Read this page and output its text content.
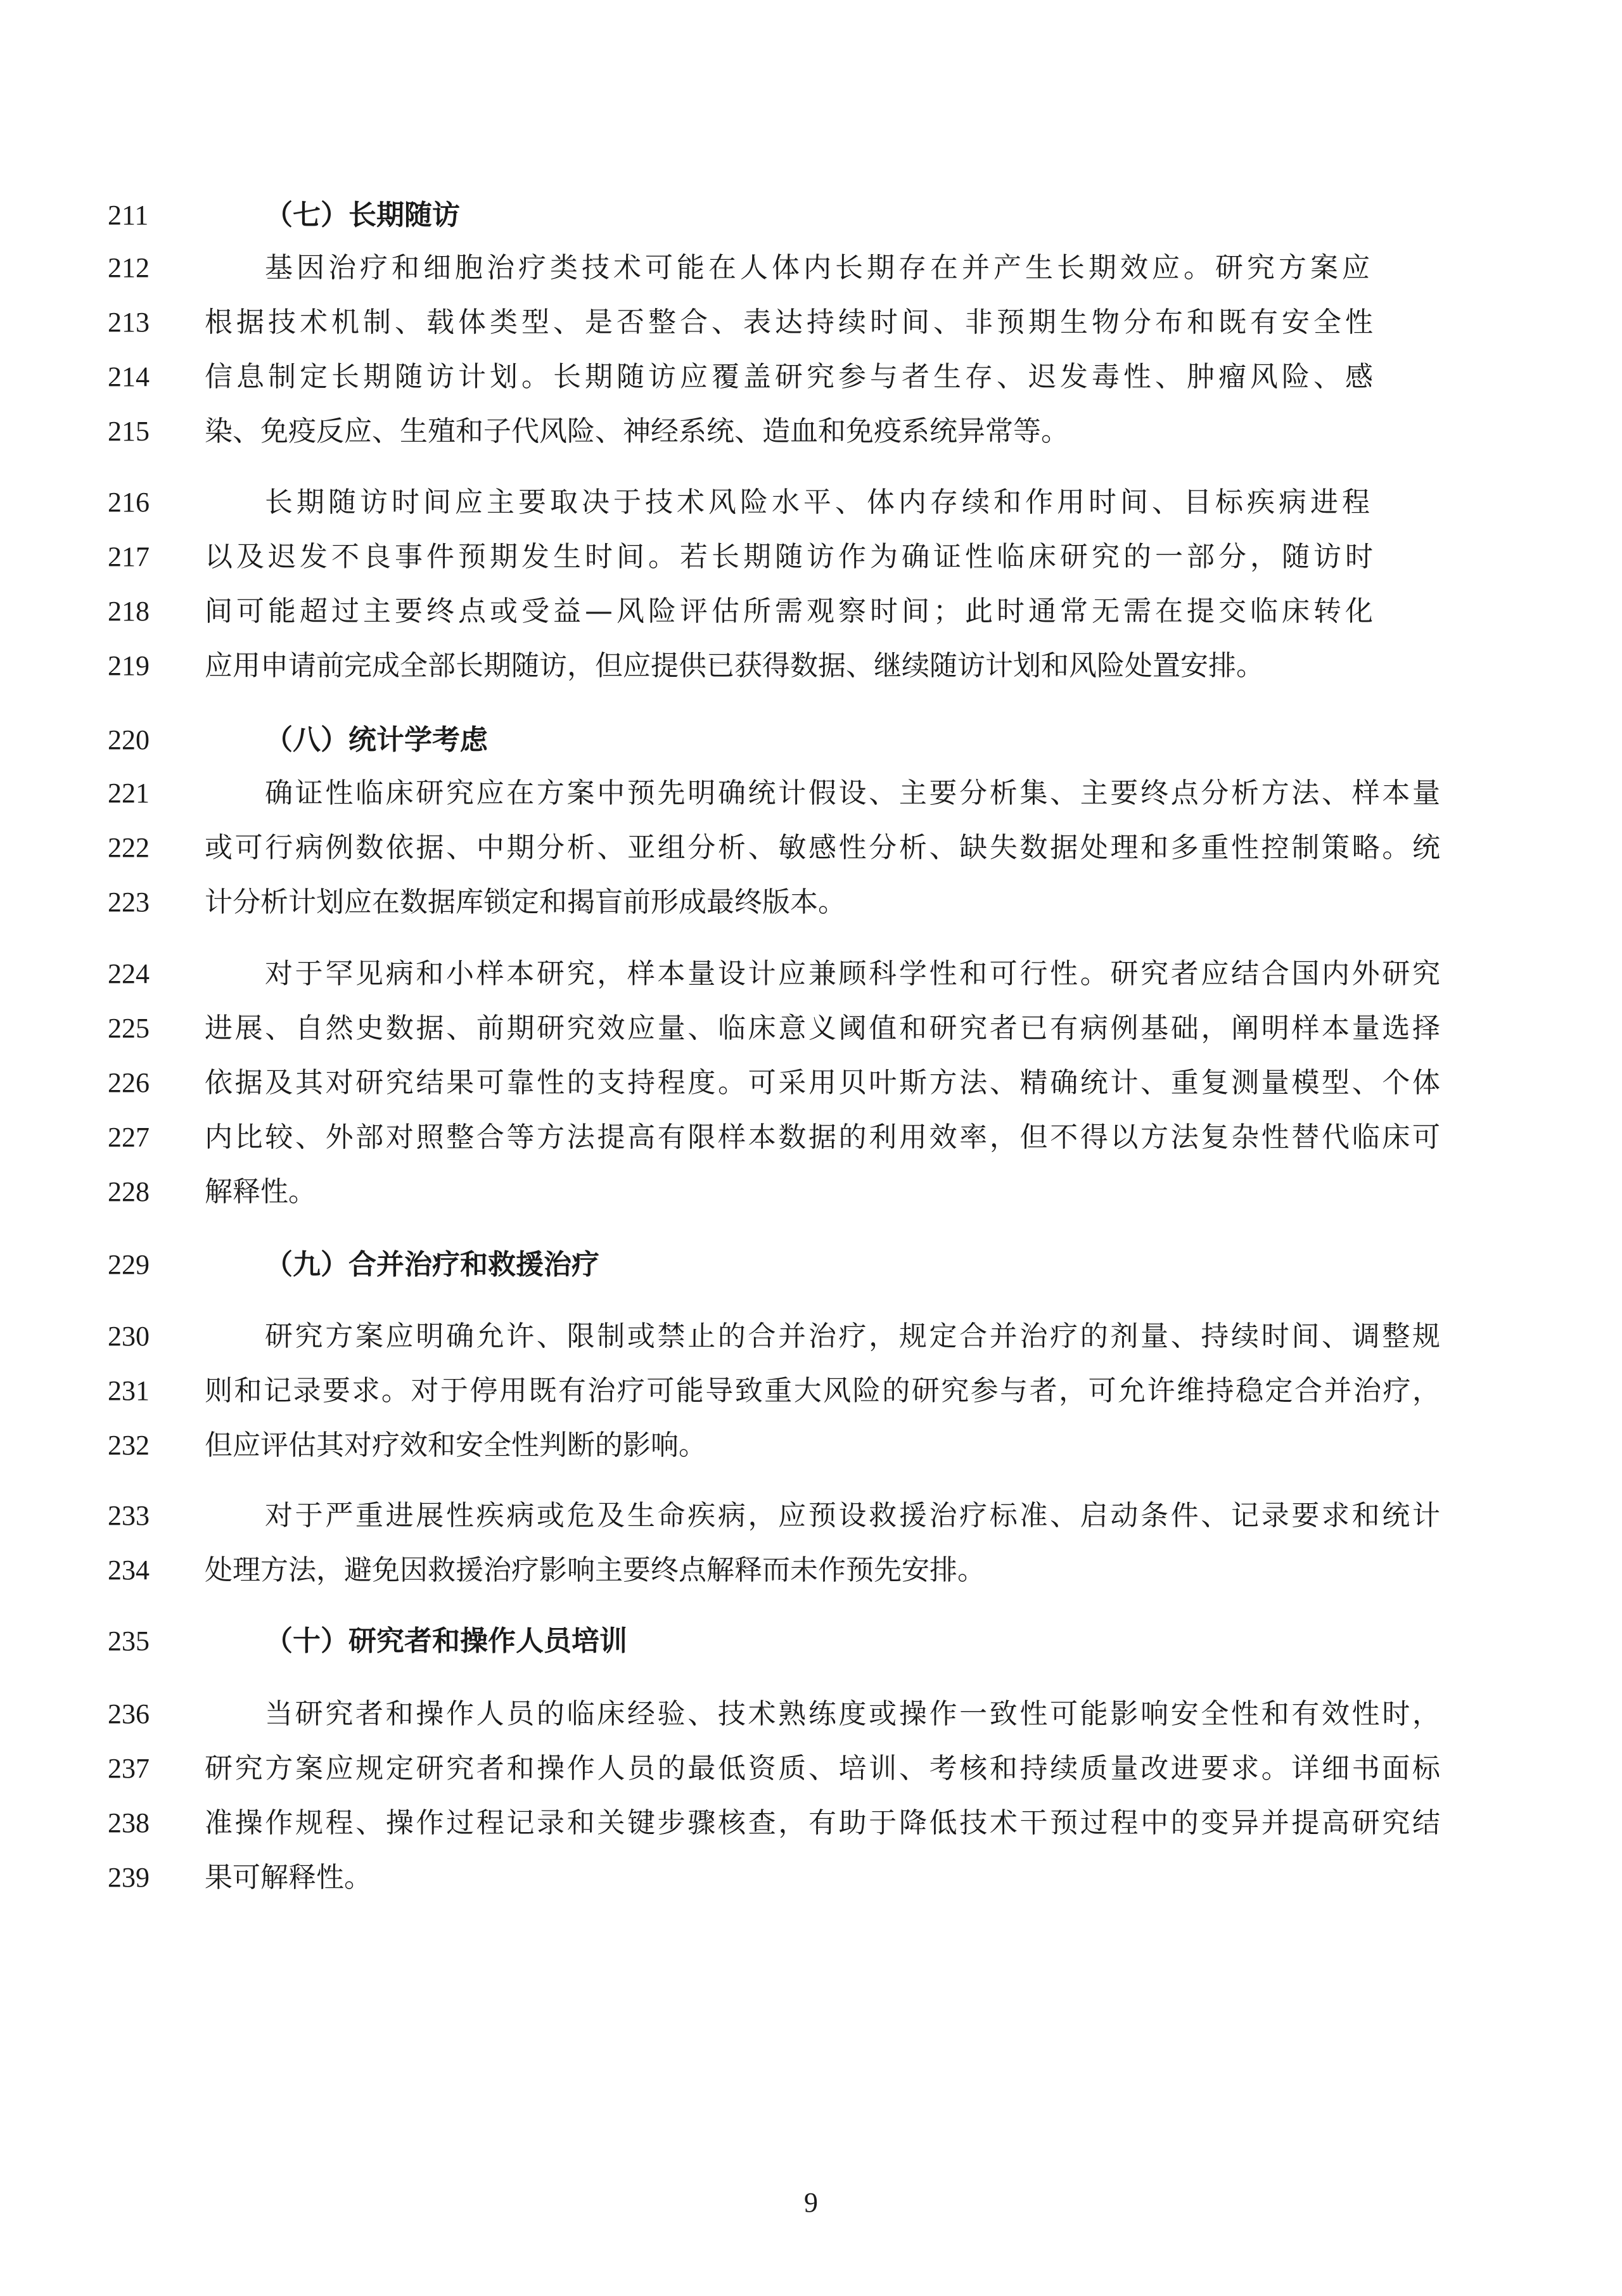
211	（七）长期随访
212	基因治疗和细胞治疗类技术可能在人体内长期存在并产生长期效应。研究方案应
213	根据技术机制、载体类型、是否整合、表达持续时间、非预期生物分布和既有安全性
214	信息制定长期随访计划。长期随访应覆盖研究参与者生存、迟发毒性、肿瘤风险、感
215	染、免疫反应、生殖和子代风险、神经系统、造血和免疫系统异常等。
216	长期随访时间应主要取决于技术风险水平、体内存续和作用时间、目标疾病进程
217	以及迟发不良事件预期发生时间。若长期随访作为确证性临床研究的一部分，随访时
218	间可能超过主要终点或受益—风险评估所需观察时间；此时通常无需在提交临床转化
219	应用申请前完成全部长期随访，但应提供已获得数据、继续随访计划和风险处置安排。
220	（八）统计学考虑
221	确证性临床研究应在方案中预先明确统计假设、主要分析集、主要终点分析方法、样本量
222	或可行病例数依据、中期分析、亚组分析、敏感性分析、缺失数据处理和多重性控制策略。统
223	计分析计划应在数据库锁定和揭盲前形成最终版本。
224	对于罕见病和小样本研究，样本量设计应兼顾科学性和可行性。研究者应结合国内外研究
225	进展、自然史数据、前期研究效应量、临床意义阈值和研究者已有病例基础，阐明样本量选择
226	依据及其对研究结果可靠性的支持程度。可采用贝叶斯方法、精确统计、重复测量模型、个体
227	内比较、外部对照整合等方法提高有限样本数据的利用效率，但不得以方法复杂性替代临床可
228	解释性。
229	（九）合并治疗和救援治疗
230	研究方案应明确允许、限制或禁止的合并治疗，规定合并治疗的剂量、持续时间、调整规
231	则和记录要求。对于停用既有治疗可能导致重大风险的研究参与者，可允许维持稳定合并治疗，
232	但应评估其对疗效和安全性判断的影响。
233	对于严重进展性疾病或危及生命疾病，应预设救援治疗标准、启动条件、记录要求和统计
234	处理方法，避免因救援治疗影响主要终点解释而未作预先安排。
235	（十）研究者和操作人员培训
236	当研究者和操作人员的临床经验、技术熟练度或操作一致性可能影响安全性和有效性时，
237	研究方案应规定研究者和操作人员的最低资质、培训、考核和持续质量改进要求。详细书面标
238	准操作规程、操作过程记录和关键步骤核查，有助于降低技术干预过程中的变异并提高研究结
239	果可解释性。
9
